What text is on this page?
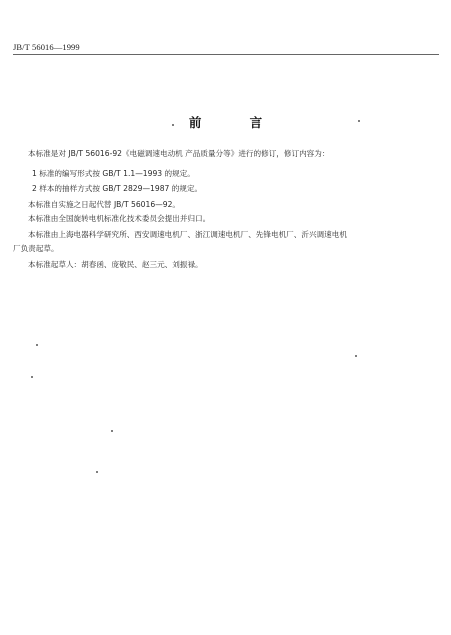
JB/T 56016—1999
前 言
本标准是对 JB/T 56016-92《电磁调速电动机 产品质量分等》进行的修订，修订内容为：
1 标准的编写形式按 GB/T 1.1—1993 的规定。
2 样本的抽样方式按 GB/T 2829—1987 的规定。
本标准自实施之日起代替 JB/T 56016—92。
本标准由全国旋转电机标准化技术委员会提出并归口。
本标准由上海电器科学研究所、西安调速电机厂、浙江调速电机厂、先锋电机厂、沂兴调速电机
厂负责起草。
本标准起草人：胡春函、庞敬民、赵三元、刘振禄。
